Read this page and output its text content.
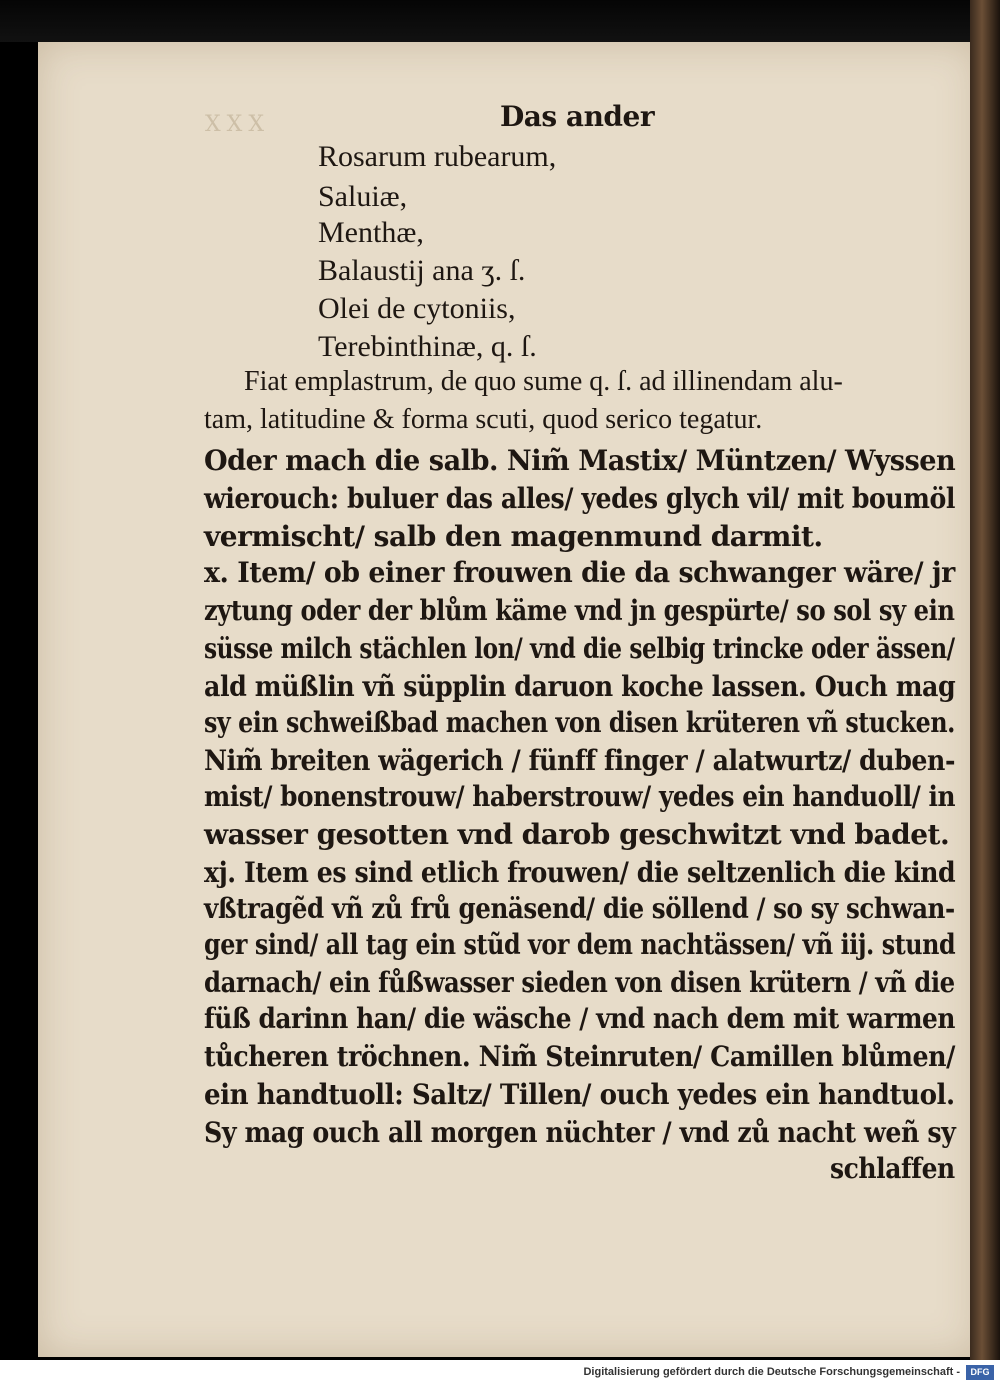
XXX	Das ander
Rosarum rubearum,
Saluiæ,
Menthæ,
Balaustij ana ʒ. ſ.
Olei de cytoniis,
Terebinthinæ, q. ſ.
Fiat emplastrum, de quo sume q. ſ. ad illinendam alu-
tam, latitudine & forma scuti, quod serico tegatur.
Oder mach die salb. Nim̃ Mastix/ Müntzen/ Wyssen
wierouch: buluer das alles/ yedes glych vil/ mit boumöl
vermischt/ salb den magenmund darmit.
x. Item/ ob einer frouwen die da schwanger wäre/ jr
zytung oder der blům käme vnd jn gespürte/ so sol sy ein
süsse milch stächlen lon/ vnd die selbig trincke oder ässen/
ald müßlin vñ süpplin daruon koche lassen. Ouch mag
sy ein schweißbad machen von disen krüteren vñ stucken.
Nim̃ breiten wägerich / fünff finger / alatwurtz/ duben-
mist/ bonenstrouw/ haberstrouw/ yedes ein handuoll/ in
wasser gesotten vnd darob geschwitzt vnd badet.
xj. Item es sind etlich frouwen/ die seltzenlich die kind
vßtragẽd vñ zů frů genäsend/ die söllend / so sy schwan-
ger sind/ all tag ein stũd vor dem nachtässen/ vñ iij. stund
darnach/ ein fůßwasser sieden von disen krütern / vñ die
füß darinn han/ die wäsche / vnd nach dem mit warmen
tůcheren tröchnen. Nim̃ Steinruten/ Camillen blůmen/
ein handtuoll: Saltz/ Tillen/ ouch yedes ein handtuol.
Sy mag ouch all morgen nüchter / vnd zů nacht weñ sy
schlaffen
Digitalisierung gefördert durch die Deutsche Forschungsgemeinschaft -	DFG
